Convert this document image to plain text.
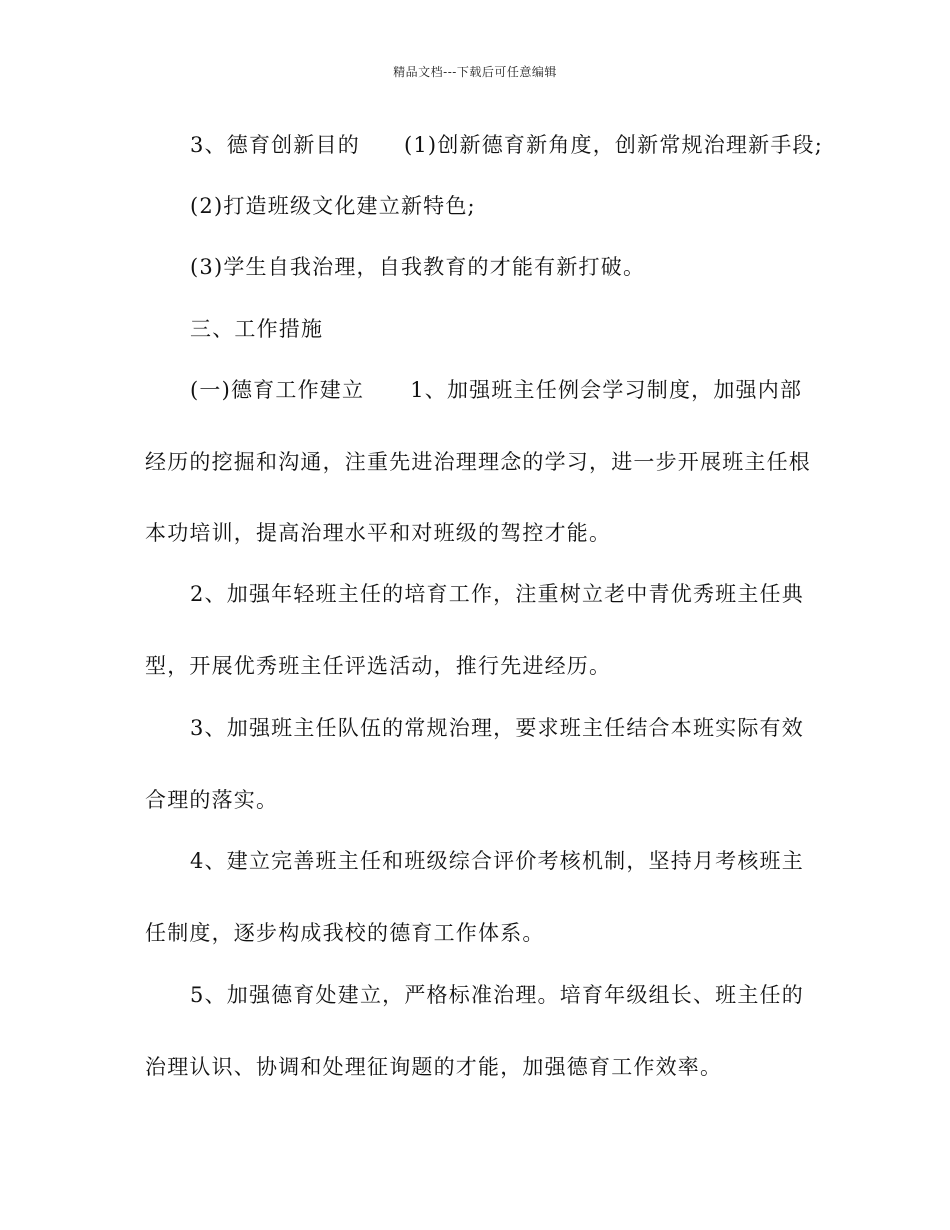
精品文档---下载后可任意编辑
3、德育创新目的 (1)创新德育新角度，创新常规治理新手段;
(2)打造班级文化建立新特色;
(3)学生自我治理，自我教育的才能有新打破。
三、工作措施
(一)德育工作建立 1、加强班主任例会学习制度，加强内部
经历的挖掘和沟通，注重先进治理理念的学习，进一步开展班主任根
本功培训，提高治理水平和对班级的驾控才能。
2、加强年轻班主任的培育工作，注重树立老中青优秀班主任典
型，开展优秀班主任评选活动，推行先进经历。
3、加强班主任队伍的常规治理，要求班主任结合本班实际有效
合理的落实。
4、建立完善班主任和班级综合评价考核机制，坚持月考核班主
任制度，逐步构成我校的德育工作体系。
5、加强德育处建立，严格标准治理。培育年级组长、班主任的
治理认识、协调和处理征询题的才能，加强德育工作效率。
